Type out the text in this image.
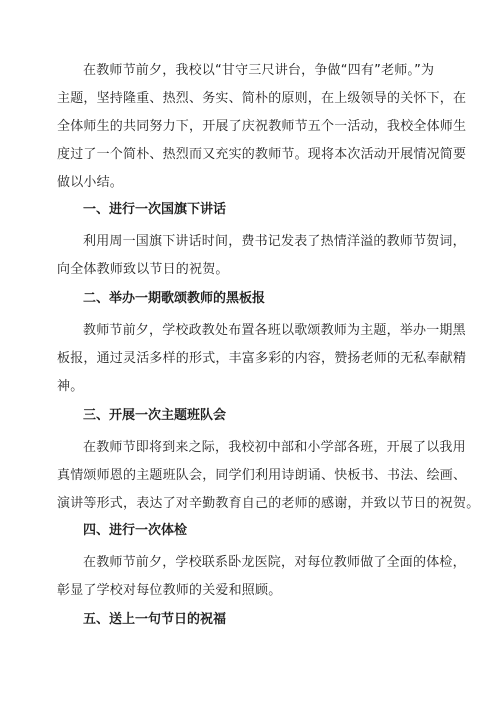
在教师节前夕，我校以“甘守三尺讲台，争做“四有”老师。”为
主题，坚持隆重、热烈、务实、简朴的原则，在上级领导的关怀下，在
全体师生的共同努力下，开展了庆祝教师节五个一活动，我校全体师生
度过了一个简朴、热烈而又充实的教师节。现将本次活动开展情况简要
做以小结。
一、进行一次国旗下讲话
利用周一国旗下讲话时间，费书记发表了热情洋溢的教师节贺词，
向全体教师致以节日的祝贺。
二、举办一期歌颂教师的黑板报
教师节前夕，学校政教处布置各班以歌颂教师为主题，举办一期黑
板报，通过灵活多样的形式，丰富多彩的内容，赞扬老师的无私奉献精
神。
三、开展一次主题班队会
在教师节即将到来之际，我校初中部和小学部各班，开展了以我用
真情颂师恩的主题班队会，同学们利用诗朗诵、快板书、书法、绘画、
演讲等形式，表达了对辛勤教育自己的老师的感谢，并致以节日的祝贺。
四、进行一次体检
在教师节前夕，学校联系卧龙医院，对每位教师做了全面的体检，
彰显了学校对每位教师的关爱和照顾。
五、送上一句节日的祝福
